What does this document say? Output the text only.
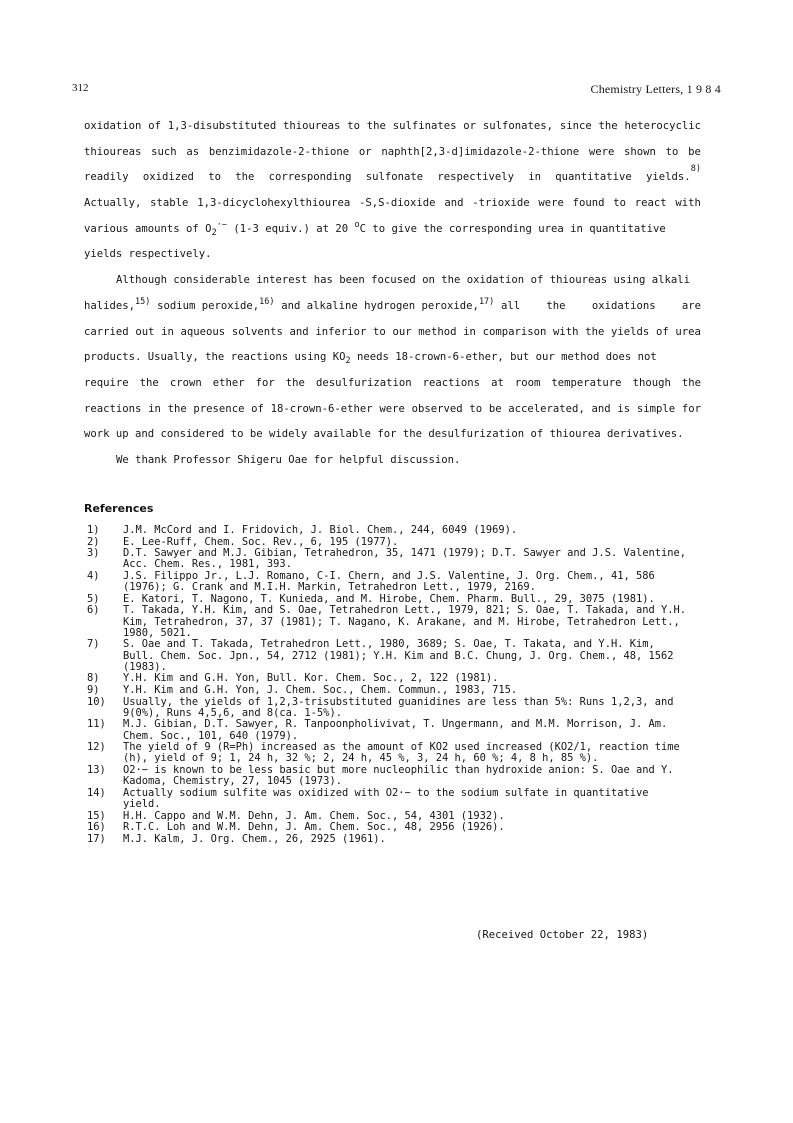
312	Chemistry Letters, 1 9 8 4
oxidation of 1,3-disubstituted thioureas to the sulfinates or sulfonates, since the heterocyclic
thioureas such as benzimidazole-2-thione or naphth[2,3-d]imidazole-2-thione were shown to be
readily oxidized to the corresponding sulfonate respectively in quantitative yields.
8)
Actually, stable 1,3-dicyclohexylthiourea -S,S-dioxide and -trioxide were found to react with
various amounts of $O_2^{\cdot-}$ (1-3 equiv.) at 20 $^o$C to give the corresponding urea in quantitative
yields respectively.
Although considerable interest has been focused on the oxidation of thioureas using alkali
halides,$^{15)}$ sodium peroxide,$^{16)}$ and alkaline hydrogen peroxide,$^{17)}$ all the oxidations are
carried out in aqueous solvents and inferior to our method in comparison with the yields of urea
products. Usually, the reactions using $KO_2$ needs 18-crown-6-ether, but our method does not
require the crown ether for the desulfurization reactions at room temperature though the
reactions in the presence of 18-crown-6-ether were observed to be accelerated, and is simple for
work up and considered to be widely available for the desulfurization of thiourea derivatives.
We thank Professor Shigeru Oae for helpful discussion.
References
1)	J.M. McCord and I. Fridovich, J. Biol. Chem., 244, 6049 (1969).
2)	E. Lee-Ruff, Chem. Soc. Rev., 6, 195 (1977).
3)	D.T. Sawyer and M.J. Gibian, Tetrahedron, 35, 1471 (1979); D.T. Sawyer and J.S. Valentine,
Acc. Chem. Res., 1981, 393.
4)	J.S. Filippo Jr., L.J. Romano, C-I. Chern, and J.S. Valentine, J. Org. Chem., 41, 586
(1976); G. Crank and M.I.H. Markin, Tetrahedron Lett., 1979, 2169.
5)	E. Katori, T. Nagono, T. Kunieda, and M. Hirobe, Chem. Pharm. Bull., 29, 3075 (1981).
6)	T. Takada, Y.H. Kim, and S. Oae, Tetrahedron Lett., 1979, 821; S. Oae, T. Takada, and Y.H.
Kim, Tetrahedron, 37, 37 (1981); T. Nagano, K. Arakane, and M. Hirobe, Tetrahedron Lett.,
1980, 5021.
7)	S. Oae and T. Takada, Tetrahedron Lett., 1980, 3689; S. Oae, T. Takata, and Y.H. Kim,
Bull. Chem. Soc. Jpn., 54, 2712 (1981); Y.H. Kim and B.C. Chung, J. Org. Chem., 48, 1562
(1983).
8)	Y.H. Kim and G.H. Yon, Bull. Kor. Chem. Soc., 2, 122 (1981).
9)	Y.H. Kim and G.H. Yon, J. Chem. Soc., Chem. Commun., 1983, 715.
10)	Usually, the yields of 1,2,3-trisubstituted guanidines are less than 5%: Runs 1,2,3, and
9(0%), Runs 4,5,6, and 8(ca. 1-5%).
11)	M.J. Gibian, D.T. Sawyer, R. Tanpoonpholivivat, T. Ungermann, and M.M. Morrison, J. Am.
Chem. Soc., 101, 640 (1979).
12)	The yield of 9 (R=Ph) increased as the amount of KO2 used increased (KO2/1, reaction time
(h), yield of 9; 1, 24 h, 32 %; 2, 24 h, 45 %, 3, 24 h, 60 %; 4, 8 h, 85 %).
13)	O2·− is known to be less basic but more nucleophilic than hydroxide anion: S. Oae and Y.
Kadoma, Chemistry, 27, 1045 (1973).
14)	Actually sodium sulfite was oxidized with O2·− to the sodium sulfate in quantitative
yield.
15)	H.H. Cappo and W.M. Dehn, J. Am. Chem. Soc., 54, 4301 (1932).
16)	R.T.C. Loh and W.M. Dehn, J. Am. Chem. Soc., 48, 2956 (1926).
17)	M.J. Kalm, J. Org. Chem., 26, 2925 (1961).
(Received October 22, 1983)
